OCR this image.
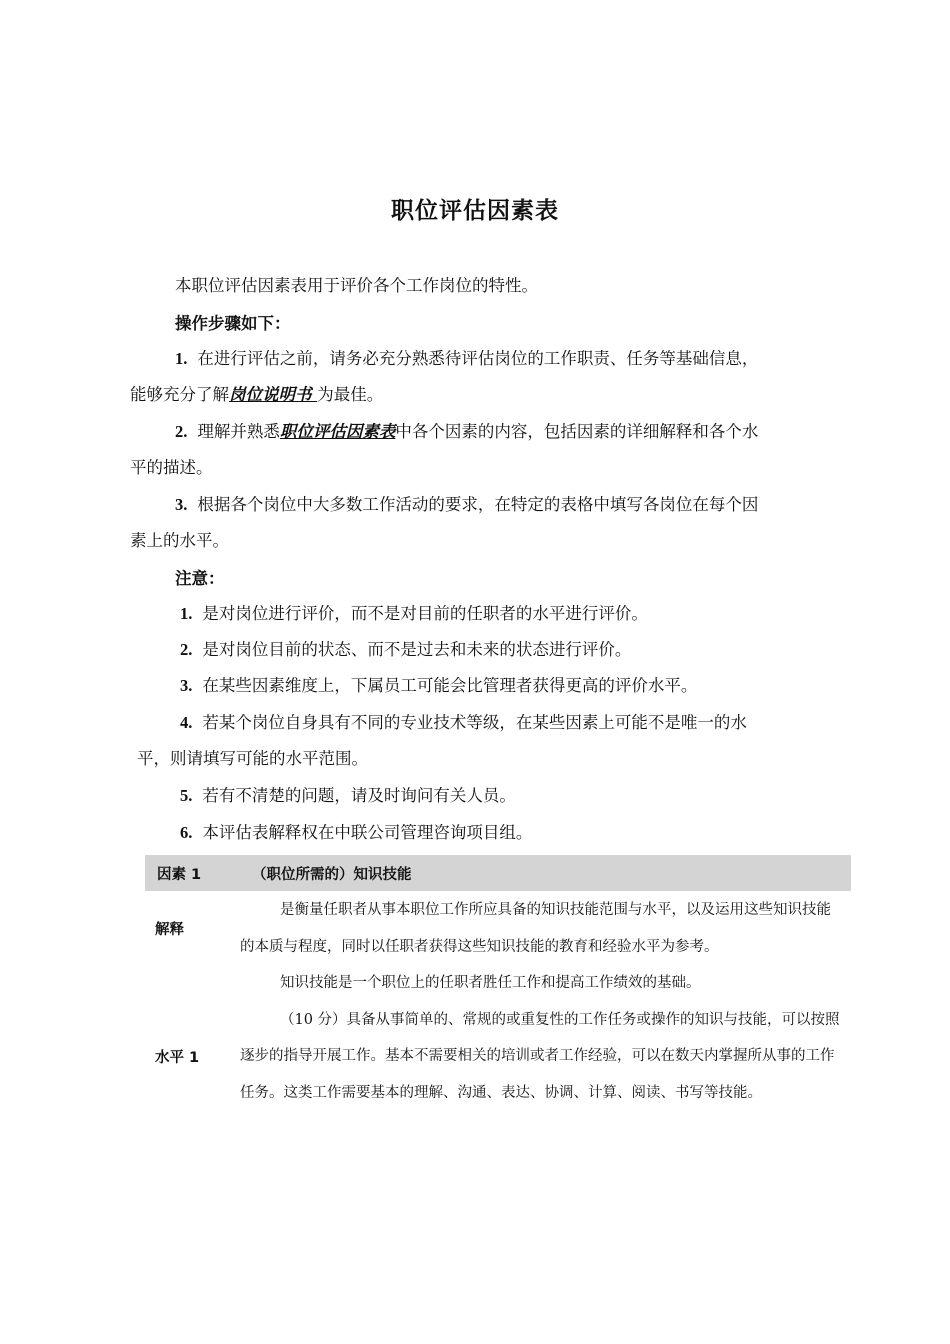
职位评估因素表
本职位评估因素表用于评价各个工作岗位的特性。
操作步骤如下：
1. 在进行评估之前，请务必充分熟悉待评估岗位的工作职责、任务等基础信息，
能够充分了解岗位说明书 为最佳。
2. 理解并熟悉职位评估因素表中各个因素的内容，包括因素的详细解释和各个水
平的描述。
3. 根据各个岗位中大多数工作活动的要求，在特定的表格中填写各岗位在每个因
素上的水平。
注意：
1. 是对岗位进行评价，而不是对目前的任职者的水平进行评价。
2. 是对岗位目前的状态、而不是过去和未来的状态进行评价。
3. 在某些因素维度上，下属员工可能会比管理者获得更高的评价水平。
4. 若某个岗位自身具有不同的专业技术等级，在某些因素上可能不是唯一的水
平，则请填写可能的水平范围。
5. 若有不清楚的问题，请及时询问有关人员。
6. 本评估表解释权在中联公司管理咨询项目组。
因素 1	（职位所需的）知识技能
解释

是衡量任职者从事本职位工作所应具备的知识技能范围与水平，以及运用这些知识技能的本质与程度，同时以任职者获得这些知识技能的教育和经验水平为参考。

知识技能是一个职位上的任职者胜任工作和提高工作绩效的基础。

水平 1

（10 分）具备从事简单的、常规的或重复性的工作任务或操作的知识与技能，可以按照逐步的指导开展工作。基本不需要相关的培训或者工作经验，可以在数天内掌握所从事的工作任务。这类工作需要基本的理解、沟通、表达、协调、计算、阅读、书写等技能。
